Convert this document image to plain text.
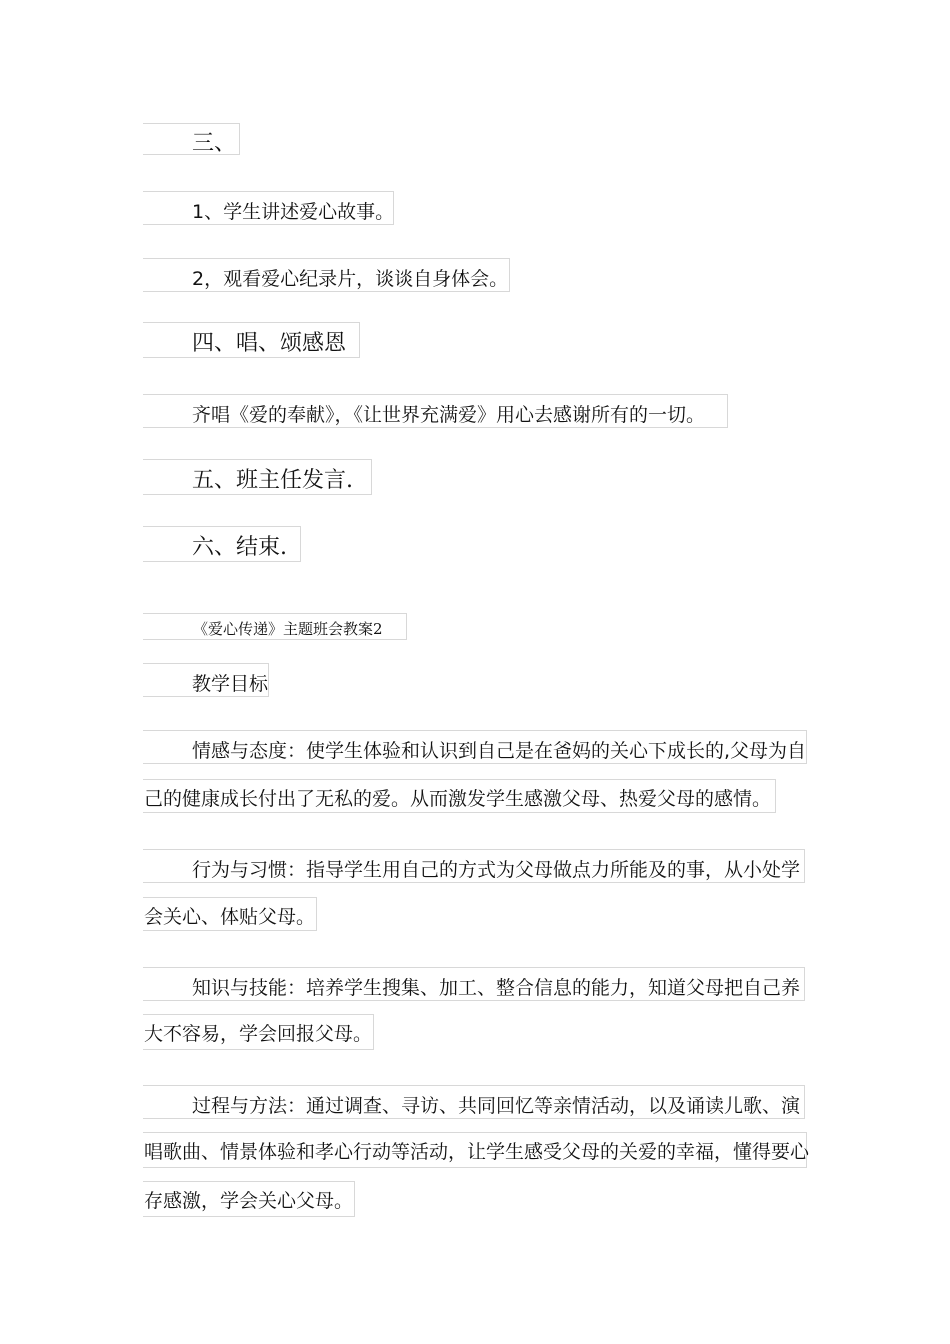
三、
1、学生讲述爱心故事。
2，观看爱心纪录片，谈谈自身体会。
四、唱、颂感恩
齐唱《爱的奉献》，《让世界充满爱》用心去感谢所有的一切。
五、班主任发言.
六、结束.
《爱心传递》主题班会教案2
教学目标
情感与态度：使学生体验和认识到自己是在爸妈的关心下成长的,父母为自
己的健康成长付出了无私的爱。从而激发学生感激父母、热爱父母的感情。
行为与习惯：指导学生用自己的方式为父母做点力所能及的事，从小处学
会关心、体贴父母。
知识与技能：培养学生搜集、加工、整合信息的能力，知道父母把自己养
大不容易，学会回报父母。
过程与方法：通过调查、寻访、共同回忆等亲情活动，以及诵读儿歌、演
唱歌曲、情景体验和孝心行动等活动，让学生感受父母的关爱的幸福，懂得要心
存感激，学会关心父母。
